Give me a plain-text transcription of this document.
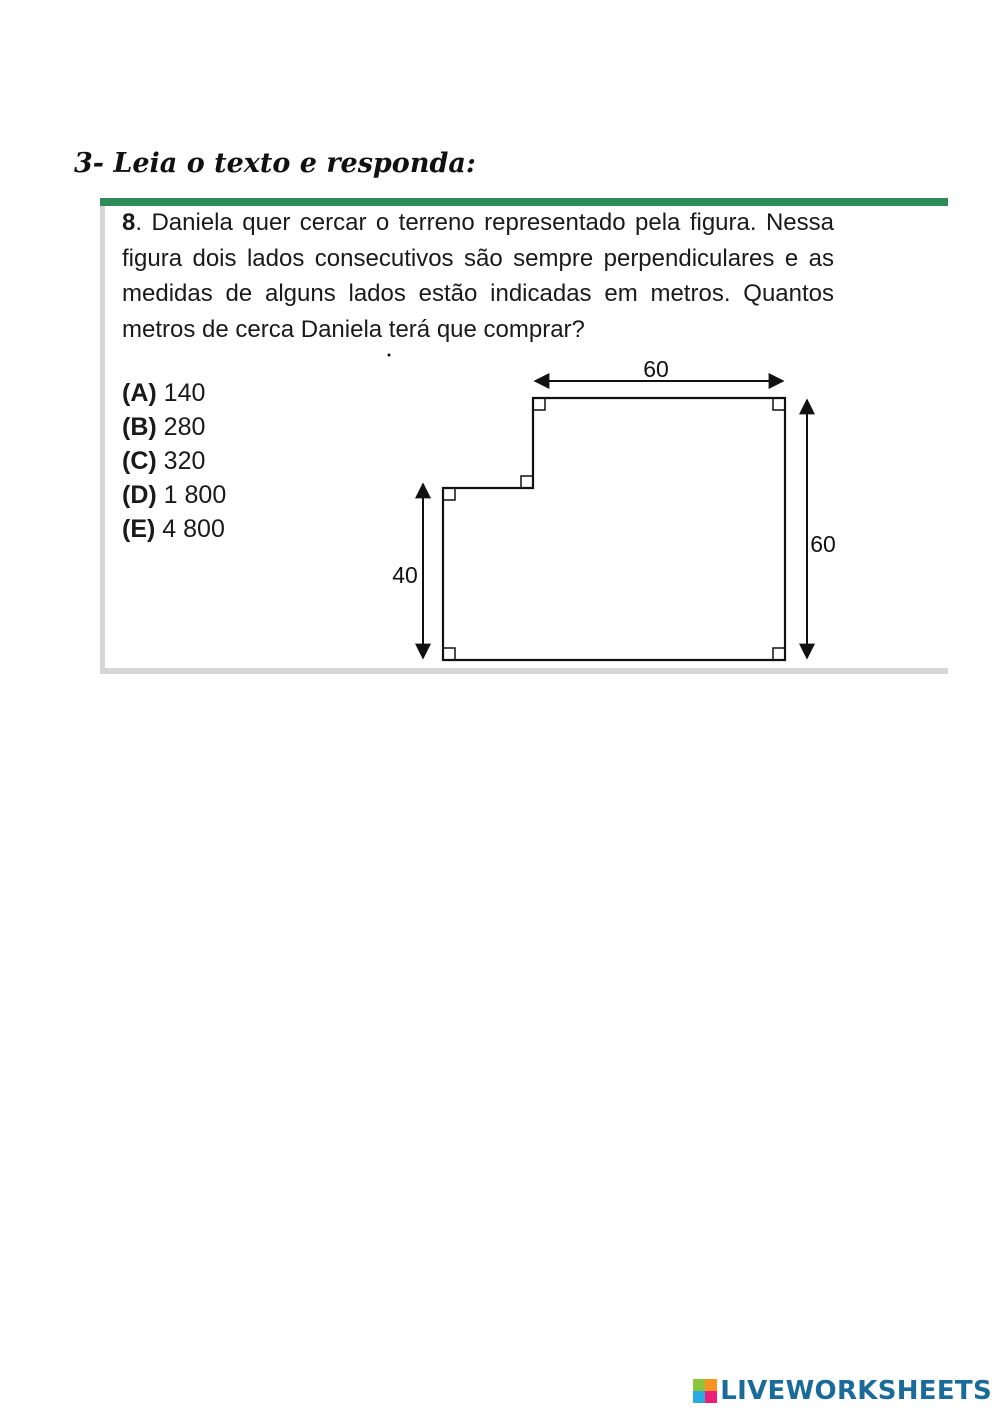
3- Leia o texto e responda:
8. Daniela quer cercar o terreno representado pela figura. Nessa figura dois lados consecutivos são sempre perpendiculares e as medidas de alguns lados estão indicadas em metros. Quantos metros de cerca Daniela terá que comprar?
(A) 140
(B) 280
(C) 320
(D) 1 800
(E) 4 800
60
60
40
LIVEWORKSHEETS
